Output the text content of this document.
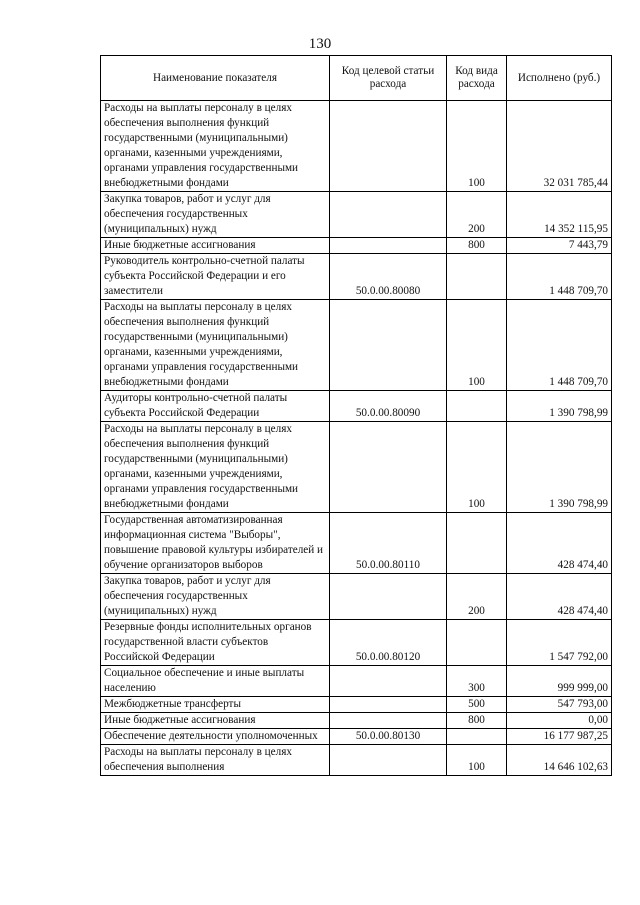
130
Наименование показателя	Код целевой статьи расхода	Код вида расхода	Исполнено (руб.)
Расходы на выплаты персоналу в целях обеспечения выполнения функций государственными (муниципальными) органами, казенными учреждениями, органами управления государственными внебюджетными фондами		100	32 031 785,44
Закупка товаров, работ и услуг для обеспечения государственных (муниципальных) нужд		200	14 352 115,95
Иные бюджетные ассигнования		800	7 443,79
Руководитель контрольно-счетной палаты субъекта Российской Федерации и его заместители	50.0.00.80080		1 448 709,70
Расходы на выплаты персоналу в целях обеспечения выполнения функций государственными (муниципальными) органами, казенными учреждениями, органами управления государственными внебюджетными фондами		100	1 448 709,70
Аудиторы контрольно-счетной палаты субъекта Российской Федерации	50.0.00.80090		1 390 798,99
Расходы на выплаты персоналу в целях обеспечения выполнения функций государственными (муниципальными) органами, казенными учреждениями, органами управления государственными внебюджетными фондами		100	1 390 798,99
Государственная автоматизированная информационная система "Выборы", повышение правовой культуры избирателей и обучение организаторов выборов	50.0.00.80110		428 474,40
Закупка товаров, работ и услуг для обеспечения государственных (муниципальных) нужд		200	428 474,40
Резервные фонды исполнительных органов государственной власти субъектов Российской Федерации	50.0.00.80120		1 547 792,00
Социальное обеспечение и иные выплаты населению		300	999 999,00
Межбюджетные трансферты		500	547 793,00
Иные бюджетные ассигнования		800	0,00
Обеспечение деятельности уполномоченных	50.0.00.80130		16 177 987,25
Расходы на выплаты персоналу в целях обеспечения выполнения		100	14 646 102,63
